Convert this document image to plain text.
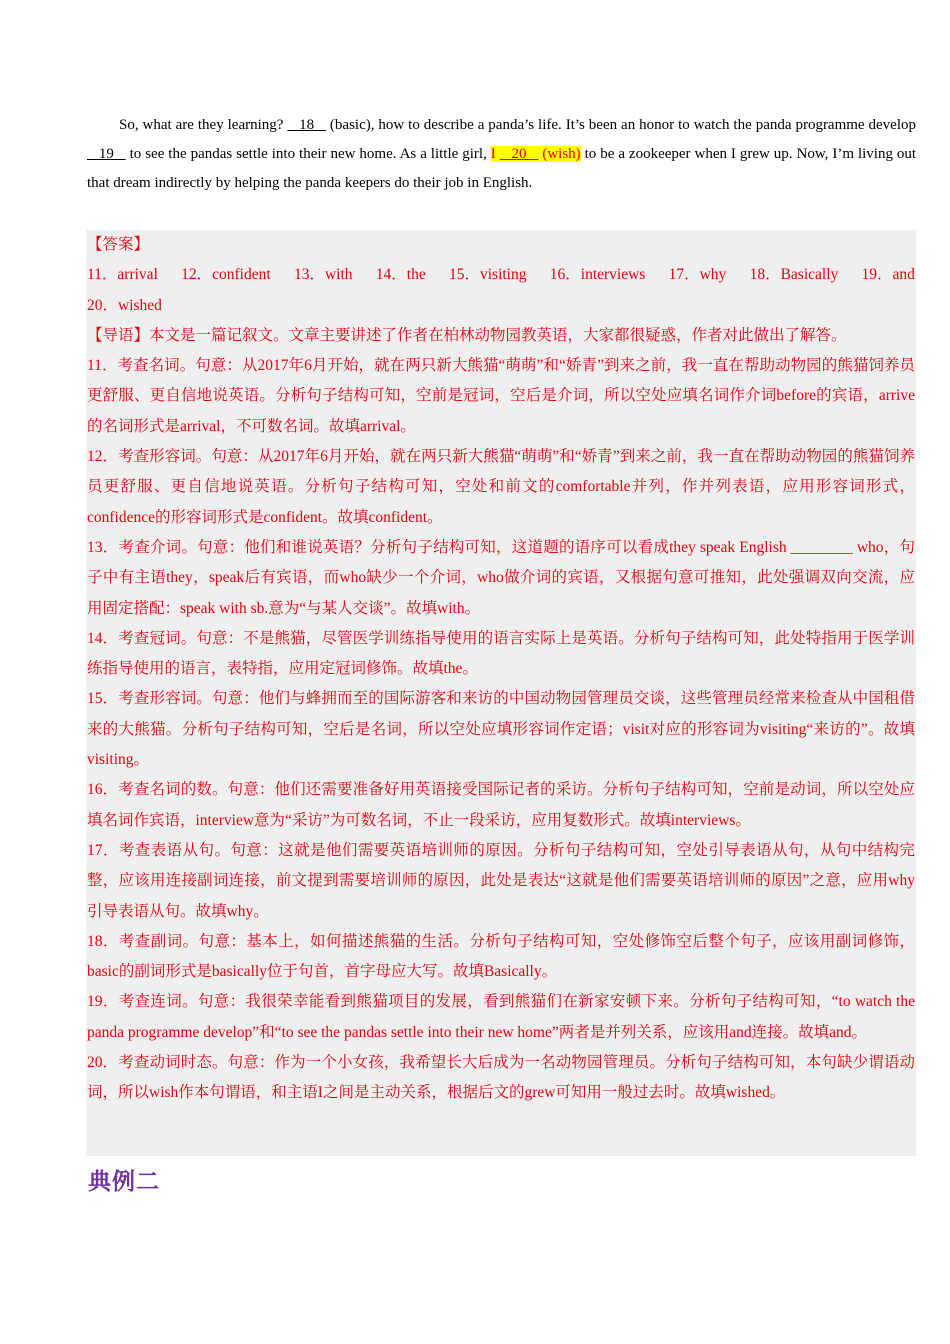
So, what are they learning?    18    (basic), how to describe a panda’s life. It’s been an honor to watch the panda programme develop    19    to see the pandas settle into their new home. As a little girl, I    20    (wish) to be a zookeeper when I grew up. Now, I’m living out that dream indirectly by helping the panda keepers do their job in English.

【答案】

11．arrival 12．confident 13．with 14．the 15．visiting 16．interviews 17．why 18．Basically 19．and

20．wished

【导语】本文是一篇记叙文。文章主要讲述了作者在柏林动物园教英语，大家都很疑惑，作者对此做出了解答。

11．考查名词。句意：从2017年6月开始，就在两只新大熊猫“萌萌”和“娇青”到来之前，我一直在帮助动物园的熊猫饲养员更舒服、更自信地说英语。分析句子结构可知，空前是冠词，空后是介词，所以空处应填名词作介词before的宾语，arrive的名词形式是arrival，不可数名词。故填arrival。

12．考查形容词。句意：从2017年6月开始，就在两只新大熊猫“萌萌”和“娇青”到来之前，我一直在帮助动物园的熊猫饲养员更舒服、更自信地说英语。分析句子结构可知，空处和前文的comfortable并列，作并列表语，应用形容词形式，confidence的形容词形式是confident。故填confident。

13．考查介词。句意：他们和谁说英语？分析句子结构可知，这道题的语序可以看成they speak English ________ who，句子中有主语they，speak后有宾语，而who缺少一个介词，who做介词的宾语，又根据句意可推知，此处强调双向交流，应用固定搭配：speak with sb.意为“与某人交谈”。故填with。

14．考查冠词。句意：不是熊猫，尽管医学训练指导使用的语言实际上是英语。分析句子结构可知，此处特指用于医学训练指导使用的语言，表特指，应用定冠词修饰。故填the。

15．考查形容词。句意：他们与蜂拥而至的国际游客和来访的中国动物园管理员交谈，这些管理员经常来检查从中国租借来的大熊猫。分析句子结构可知，空后是名词，所以空处应填形容词作定语；visit对应的形容词为visiting“来访的”。故填visiting。

16．考查名词的数。句意：他们还需要准备好用英语接受国际记者的采访。分析句子结构可知，空前是动词，所以空处应填名词作宾语，interview意为“采访”为可数名词，不止一段采访，应用复数形式。故填interviews。

17．考查表语从句。句意：这就是他们需要英语培训师的原因。分析句子结构可知，空处引导表语从句，从句中结构完整，应该用连接副词连接，前文提到需要培训师的原因，此处是表达“这就是他们需要英语培训师的原因”之意，应用why引导表语从句。故填why。

18．考查副词。句意：基本上，如何描述熊猫的生活。分析句子结构可知，空处修饰空后整个句子，应该用副词修饰，basic的副词形式是basically位于句首，首字母应大写。故填Basically。

19．考查连词。句意：我很荣幸能看到熊猫项目的发展，看到熊猫们在新家安顿下来。分析句子结构可知，“to watch the panda programme develop”和“to see the pandas settle into their new home”两者是并列关系，应该用and连接。故填and。

20．考查动词时态。句意：作为一个小女孩，我希望长大后成为一名动物园管理员。分析句子结构可知，本句缺少谓语动词，所以wish作本句谓语，和主语I之间是主动关系，根据后文的grew可知用一般过去时。故填wished。

典例二
